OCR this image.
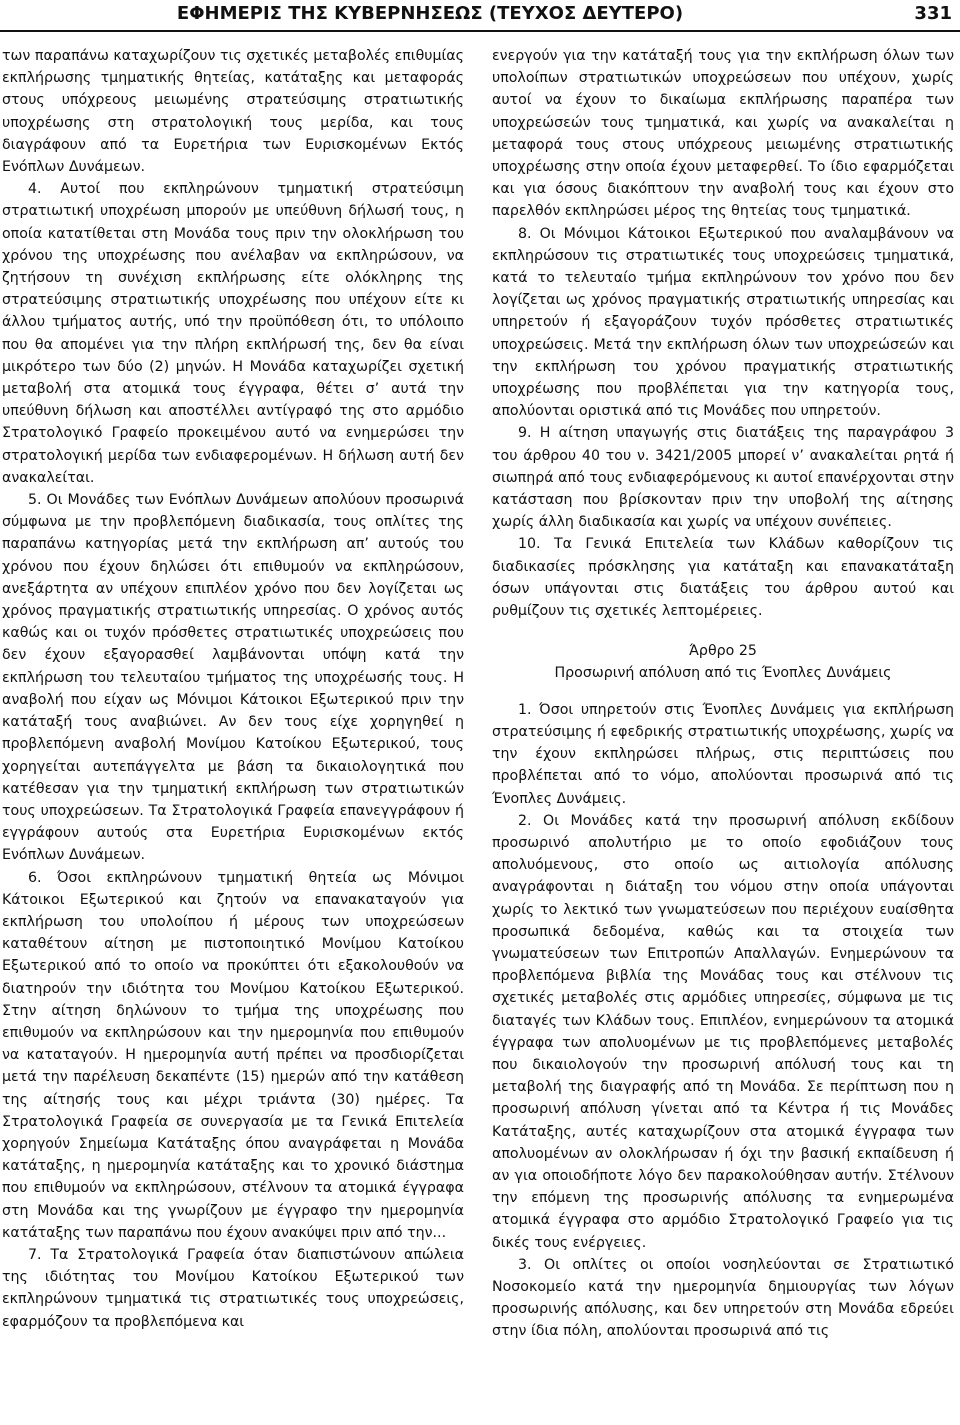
ΕΦΗΜΕΡΙΣ ΤΗΣ ΚΥΒΕΡΝΗΣΕΩΣ (ΤΕΥΧΟΣ ΔΕΥΤΕΡΟ)	331

των παραπάνω καταχωρίζουν τις σχετικές μεταβολές επιθυμίας εκπλήρωσης τμηματικής θητείας, κατάταξης και μεταφοράς στους υπόχρεους μειωμένης στρατεύσιμης στρατιωτικής υποχρέωσης στη στρατολογική τους μερίδα, και τους διαγράφουν από τα Ευρετήρια των Ευρισκομένων Εκτός Ενόπλων Δυνάμεων.

4. Αυτοί που εκπληρώνουν τμηματική στρατεύσιμη στρατιωτική υποχρέωση μπορούν με υπεύθυνη δήλωσή τους, η οποία κατατίθεται στη Μονάδα τους πριν την ολοκλήρωση του χρόνου της υποχρέωσης που ανέλαβαν να εκπληρώσουν, να ζητήσουν τη συνέχιση εκπλήρωσης είτε ολόκληρης της στρατεύσιμης στρατιωτικής υποχρέωσης που υπέχουν είτε κι άλλου τμήματος αυτής, υπό την προϋπόθεση ότι, το υπόλοιπο που θα απομένει για την πλήρη εκπλήρωσή της, δεν θα είναι μικρότερο των δύο (2) μηνών. Η Μονάδα καταχωρίζει σχετική μεταβολή στα ατομικά τους έγγραφα, θέτει σ’ αυτά την υπεύθυνη δήλωση και αποστέλλει αντίγραφό της στο αρμόδιο Στρατολογικό Γραφείο προκειμένου αυτό να ενημερώσει την στρατολογική μερίδα των ενδιαφερομένων. Η δήλωση αυτή δεν ανακαλείται.

5. Οι Μονάδες των Ενόπλων Δυνάμεων απολύουν προσωρινά σύμφωνα με την προβλεπόμενη διαδικασία, τους οπλίτες της παραπάνω κατηγορίας μετά την εκπλήρωση απ’ αυτούς του χρόνου που έχουν δηλώσει ότι επιθυμούν να εκπληρώσουν, ανεξάρτητα αν υπέχουν επιπλέον χρόνο που δεν λογίζεται ως χρόνος πραγματικής στρατιωτικής υπηρεσίας. Ο χρόνος αυτός καθώς και οι τυχόν πρόσθετες στρατιωτικές υποχρεώσεις που δεν έχουν εξαγορασθεί λαμβάνονται υπόψη κατά την εκπλήρωση του τελευταίου τμήματος της υποχρέωσής τους. Η αναβολή που είχαν ως Μόνιμοι Κάτοικοι Εξωτερικού πριν την κατάταξή τους αναβιώνει. Αν δεν τους είχε χορηγηθεί η προβλεπόμενη αναβολή Μονίμου Κατοίκου Εξωτερικού, τους χορηγείται αυτεπάγγελτα με βάση τα δικαιολογητικά που κατέθεσαν για την τμηματική εκπλήρωση των στρατιωτικών τους υποχρεώσεων. Τα Στρατολογικά Γραφεία επανεγγράφουν ή εγγράφουν αυτούς στα Ευρετήρια Ευρισκομένων εκτός Ενόπλων Δυνάμεων.

6. Όσοι εκπληρώνουν τμηματική θητεία ως Μόνιμοι Κάτοικοι Εξωτερικού και ζητούν να επανακαταγούν για εκπλήρωση του υπολοίπου ή μέρους των υποχρεώσεων καταθέτουν αίτηση με πιστοποιητικό Μονίμου Κατοίκου Εξωτερικού από το οποίο να προκύπτει ότι εξακολουθούν να διατηρούν την ιδιότητα του Μονίμου Κατοίκου Εξωτερικού. Στην αίτηση δηλώνουν το τμήμα της υποχρέωσης που επιθυμούν να εκπληρώσουν και την ημερομηνία που επιθυμούν να καταταγούν. Η ημερομηνία αυτή πρέπει να προσδιορίζεται μετά την παρέλευση δεκαπέντε (15) ημερών από την κατάθεση της αίτησής τους και μέχρι τριάντα (30) ημέρες. Τα Στρατολογικά Γραφεία σε συνεργασία με τα Γενικά Επιτελεία χορηγούν Σημείωμα Κατάταξης όπου αναγράφεται η Μονάδα κατάταξης, η ημερομηνία κατάταξης και το χρονικό διάστημα που επιθυμούν να εκπληρώσουν, στέλνουν τα ατομικά έγγραφα στη Μονάδα και της γνωρίζουν με έγγραφο την ημερομηνία κατάταξης των παραπάνω που έχουν ανακύψει πριν από την...

7. Τα Στρατολογικά Γραφεία όταν διαπιστώνουν απώλεια της ιδιότητας του Μονίμου Κατοίκου Εξωτερικού των εκπληρώνουν τμηματικά τις στρατιωτικές τους υποχρεώσεις, εφαρμόζουν τα προβλεπόμενα και

ενεργούν για την κατάταξή τους για την εκπλήρωση όλων των υπολοίπων στρατιωτικών υποχρεώσεων που υπέχουν, χωρίς αυτοί να έχουν το δικαίωμα εκπλήρωσης παραπέρα των υποχρεώσεών τους τμηματικά, και χωρίς να ανακαλείται η μεταφορά τους στους υπόχρεους μειωμένης στρατιωτικής υποχρέωσης στην οποία έχουν μεταφερθεί. Το ίδιο εφαρμόζεται και για όσους διακόπτουν την αναβολή τους και έχουν στο παρελθόν εκπληρώσει μέρος της θητείας τους τμηματικά.

8. Οι Μόνιμοι Κάτοικοι Εξωτερικού που αναλαμβάνουν να εκπληρώσουν τις στρατιωτικές τους υποχρεώσεις τμηματικά, κατά το τελευταίο τμήμα εκπληρώνουν τον χρόνο που δεν λογίζεται ως χρόνος πραγματικής στρατιωτικής υπηρεσίας και υπηρετούν ή εξαγοράζουν τυχόν πρόσθετες στρατιωτικές υποχρεώσεις. Μετά την εκπλήρωση όλων των υποχρεώσεών και την εκπλήρωση του χρόνου πραγματικής στρατιωτικής υποχρέωσης που προβλέπεται για την κατηγορία τους, απολύονται οριστικά από τις Μονάδες που υπηρετούν.

9. Η αίτηση υπαγωγής στις διατάξεις της παραγράφου 3 του άρθρου 40 του ν. 3421/2005 μπορεί ν’ ανακαλείται ρητά ή σιωπηρά από τους ενδιαφερόμενους κι αυτοί επανέρχονται στην κατάσταση που βρίσκονταν πριν την υποβολή της αίτησης χωρίς άλλη διαδικασία και χωρίς να υπέχουν συνέπειες.

10. Τα Γενικά Επιτελεία των Κλάδων καθορίζουν τις διαδικασίες πρόσκλησης για κατάταξη και επανακατάταξη όσων υπάγονται στις διατάξεις του άρθρου αυτού και ρυθμίζουν τις σχετικές λεπτομέρειες.

Άρθρο 25

Προσωρινή απόλυση από τις Ένοπλες Δυνάμεις

1. Όσοι υπηρετούν στις Ένοπλες Δυνάμεις για εκπλήρωση στρατεύσιμης ή εφεδρικής στρατιωτικής υποχρέωσης, χωρίς να την έχουν εκπληρώσει πλήρως, στις περιπτώσεις που προβλέπεται από το νόμο, απολύονται προσωρινά από τις Ένοπλες Δυνάμεις.

2. Οι Μονάδες κατά την προσωρινή απόλυση εκδίδουν προσωρινό απολυτήριο με το οποίο εφοδιάζουν τους απολυόμενους, στο οποίο ως αιτιολογία απόλυσης αναγράφονται η διάταξη του νόμου στην οποία υπάγονται χωρίς το λεκτικό των γνωματεύσεων που περιέχουν ευαίσθητα προσωπικά δεδομένα, καθώς και τα στοιχεία των γνωματεύσεων των Επιτροπών Απαλλαγών. Ενημερώνουν τα προβλεπόμενα βιβλία της Μονάδας τους και στέλνουν τις σχετικές μεταβολές στις αρμόδιες υπηρεσίες, σύμφωνα με τις διαταγές των Κλάδων τους. Επιπλέον, ενημερώνουν τα ατομικά έγγραφα των απολυομένων με τις προβλεπόμενες μεταβολές που δικαιολογούν την προσωρινή απόλυσή τους και τη μεταβολή της διαγραφής από τη Μονάδα. Σε περίπτωση που η προσωρινή απόλυση γίνεται από τα Κέντρα ή τις Μονάδες Κατάταξης, αυτές καταχωρίζουν στα ατομικά έγγραφα των απολυομένων αν ολοκλήρωσαν ή όχι την βασική εκπαίδευση ή αν για οποιοδήποτε λόγο δεν παρακολούθησαν αυτήν. Στέλνουν την επόμενη της προσωρινής απόλυσης τα ενημερωμένα ατομικά έγγραφα στο αρμόδιο Στρατολογικό Γραφείο για τις δικές τους ενέργειες.

3. Οι οπλίτες οι οποίοι νοσηλεύονται σε Στρατιωτικό Νοσοκομείο κατά την ημερομηνία δημιουργίας των λόγων προσωρινής απόλυσης, και δεν υπηρετούν στη Μονάδα εδρεύει στην ίδια πόλη, απολύονται προσωρινά από τις
